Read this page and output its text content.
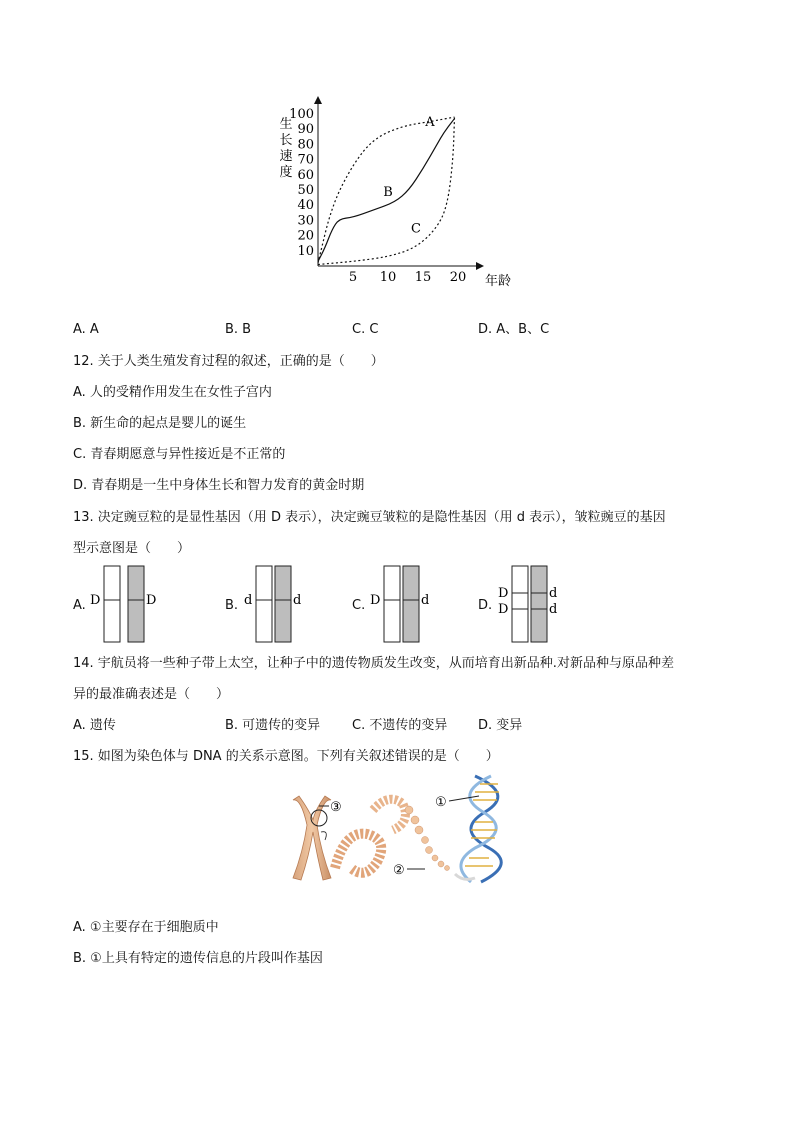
生
长
速
度
10
20
30
40
50
60
70
80
90
100
5 10 15 20
A
B
C
年龄
A. A	B. B	C. C	D. A、B、C
12. 关于人类生殖发育过程的叙述，正确的是（　　）
A. 人的受精作用发生在女性子宫内
B. 新生命的起点是婴儿的诞生
C. 青春期愿意与异性接近是不正常的
D. 青春期是一生中身体生长和智力发育的黄金时期
13. 决定豌豆粒的是显性基因（用 D 表示），决定豌豆皱粒的是隐性基因（用 d 表示），皱粒豌豆的基因
型示意图是（　　）
A.	B.	C.	D.
D	D	d	d	D	d	D
D
d
d
14. 宇航员将一些种子带上太空，让种子中的遗传物质发生改变，从而培育出新品种.对新品种与原品种差
异的最准确表述是（　　）
A. 遗传	B. 可遗传的变异 C. 不遗传的变异 D. 变异
15. 如图为染色体与 DNA 的关系示意图。下列有关叙述错误的是（　　）
③	①
②
A. ①主要存在于细胞质中
B. ①上具有特定的遗传信息的片段叫作基因
